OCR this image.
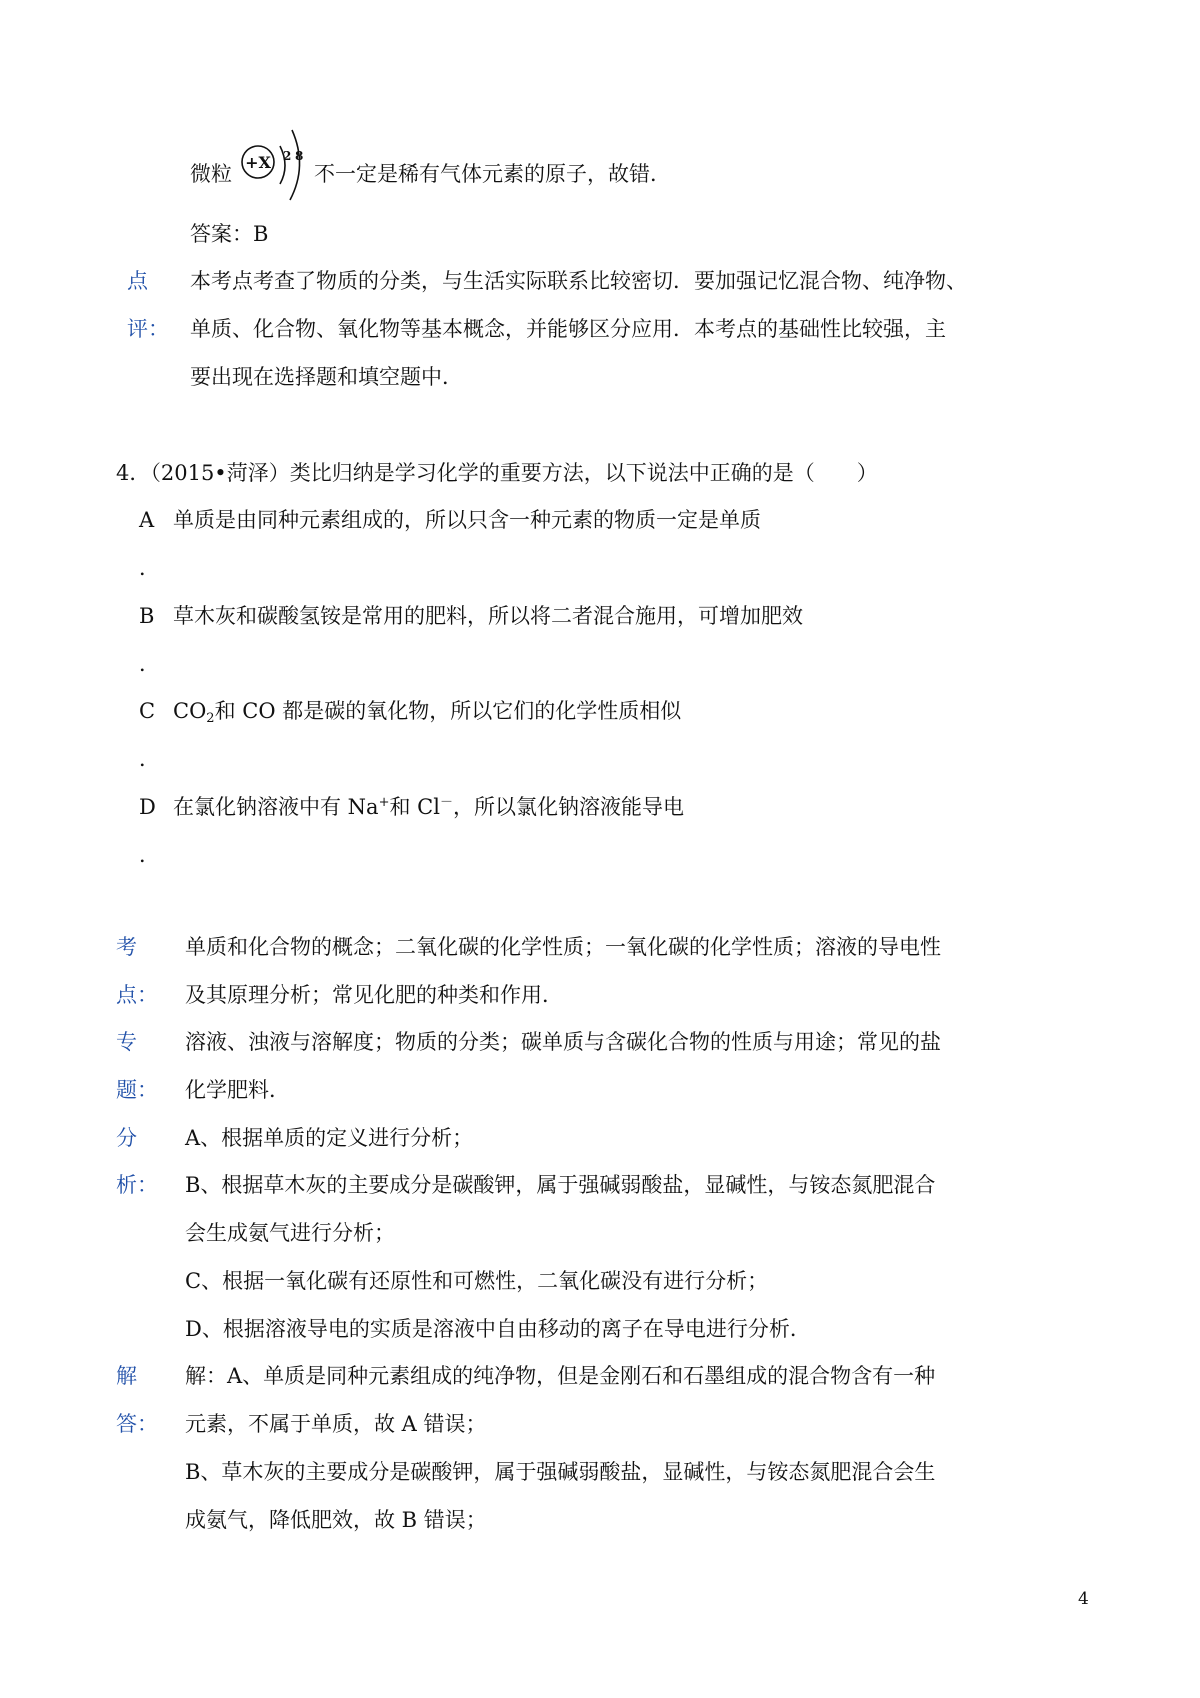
微粒 +X 2 8
不一定是稀有气体元素的原子，故错．
答案：B
点
评：
本考点考查了物质的分类，与生活实际联系比较密切．要加强记忆混合物、纯净物、
单质、化合物、氧化物等基本概念，并能够区分应用．本考点的基础性比较强，主
要出现在选择题和填空题中．
4．（2015•菏泽）类比归纳是学习化学的重要方法，以下说法中正确的是（　　）
A 单质是由同种元素组成的，所以只含一种元素的物质一定是单质
．
B 草木灰和碳酸氢铵是常用的肥料，所以将二者混合施用，可增加肥效
．
C $CO_2$和 CO 都是碳的氧化物，所以它们的化学性质相似
．
D 在氯化钠溶液中有 Na+和 Cl－，所以氯化钠溶液能导电
．
考
点：
单质和化合物的概念；二氧化碳的化学性质；一氧化碳的化学性质；溶液的导电性
及其原理分析；常见化肥的种类和作用．
专
题：
溶液、浊液与溶解度；物质的分类；碳单质与含碳化合物的性质与用途；常见的盐
化学肥料．
分
析：
A、根据单质的定义进行分析；
B、根据草木灰的主要成分是碳酸钾，属于强碱弱酸盐，显碱性，与铵态氮肥混合
会生成氨气进行分析；
C、根据一氧化碳有还原性和可燃性，二氧化碳没有进行分析；
D、根据溶液导电的实质是溶液中自由移动的离子在导电进行分析．
解
答：
解：A、单质是同种元素组成的纯净物，但是金刚石和石墨组成的混合物含有一种
元素，不属于单质，故 A 错误；
B、草木灰的主要成分是碳酸钾，属于强碱弱酸盐，显碱性，与铵态氮肥混合会生
成氨气，降低肥效，故 B 错误；
4
